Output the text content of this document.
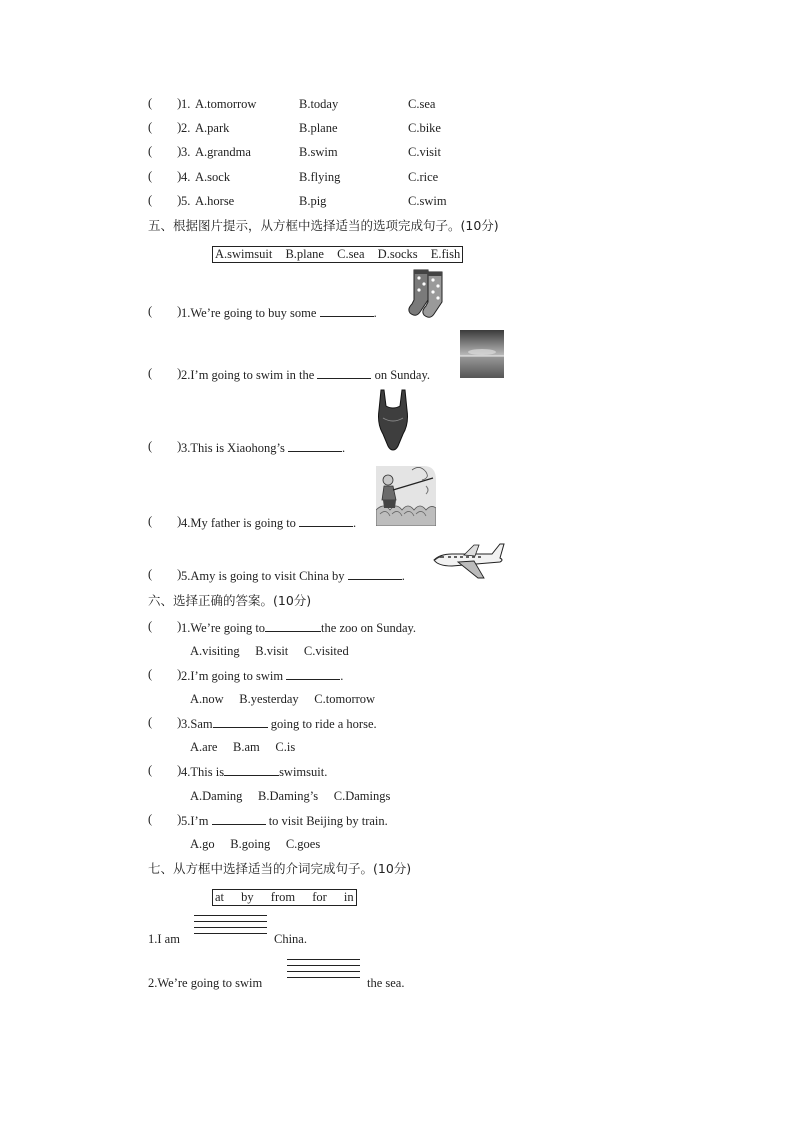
(        ) 1. A.tomorrow	B.today	C.sea
(        ) 2. A.park	B.plane	C.bike
(        ) 3. A.grandma	B.swim	C.visit
(        ) 4. A.sock	B.flying	C.rice
(        ) 5. A.horse	B.pig	C.swim
五、根据图片提示，从方框中选择适当的选项完成句子。(10分)
A.swimsuit B.plane C.sea D.socks E.fish
(        ) 1.We’re going to buy some	.
(        ) 2.I’m going to swim in the	on Sunday.
(        ) 3.This is Xiaohong’s	.
(        ) 4.My father is going to	.
(        ) 5.Amy is going to visit China by	.
六、选择正确的答案。(10分)
(        ) 1.We’re going to	the zoo on Sunday.
A.visiting     B.visit     C.visited
(        ) 2.I’m going to swim	.
A.now     B.yesterday     C.tomorrow
(        ) 3.Sam	going to ride a horse.
A.are     B.am     C.is
(        ) 4.This is	swimsuit.
A.Daming     B.Daming’s     C.Damings
(        ) 5.I’m	to visit Beijing by train.
A.go     B.going     C.goes
七、从方框中选择适当的介词完成句子。(10分)
at by from for in
1.I am	China.
2.We’re going to swim	the sea.
